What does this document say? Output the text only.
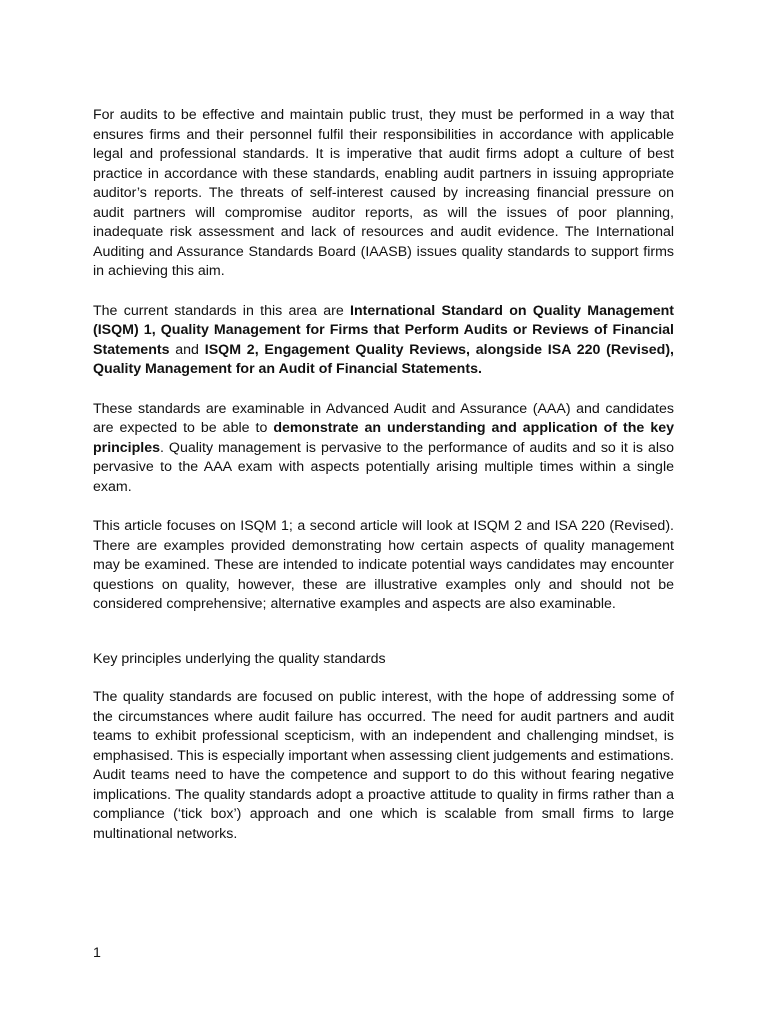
For audits to be effective and maintain public trust, they must be performed in a way that ensures firms and their personnel fulfil their responsibilities in accordance with applicable legal and professional standards. It is imperative that audit firms adopt a culture of best practice in accordance with these standards, enabling audit partners in issuing appropriate auditor’s reports. The threats of self-interest caused by increasing financial pressure on audit partners will compromise auditor reports, as will the issues of poor planning, inadequate risk assessment and lack of resources and audit evidence. The International Auditing and Assurance Standards Board (IAASB) issues quality standards to support firms in achieving this aim.

The current standards in this area are International Standard on Quality Management (ISQM) 1, Quality Management for Firms that Perform Audits or Reviews of Financial Statements and ISQM 2, Engagement Quality Reviews, alongside ISA 220 (Revised), Quality Management for an Audit of Financial Statements.

These standards are examinable in Advanced Audit and Assurance (AAA) and candidates are expected to be able to demonstrate an understanding and application of the key principles. Quality management is pervasive to the performance of audits and so it is also pervasive to the AAA exam with aspects potentially arising multiple times within a single exam.

This article focuses on ISQM 1; a second article will look at ISQM 2 and ISA 220 (Revised). There are examples provided demonstrating how certain aspects of quality management may be examined. These are intended to indicate potential ways candidates may encounter questions on quality, however, these are illustrative examples only and should not be considered comprehensive; alternative examples and aspects are also examinable.

Key principles underlying the quality standards

The quality standards are focused on public interest, with the hope of addressing some of the circumstances where audit failure has occurred. The need for audit partners and audit teams to exhibit professional scepticism, with an independent and challenging mindset, is emphasised. This is especially important when assessing client judgements and estimations. Audit teams need to have the competence and support to do this without fearing negative implications. The quality standards adopt a proactive attitude to quality in firms rather than a compliance (‘tick box’) approach and one which is scalable from small firms to large multinational networks.

1
